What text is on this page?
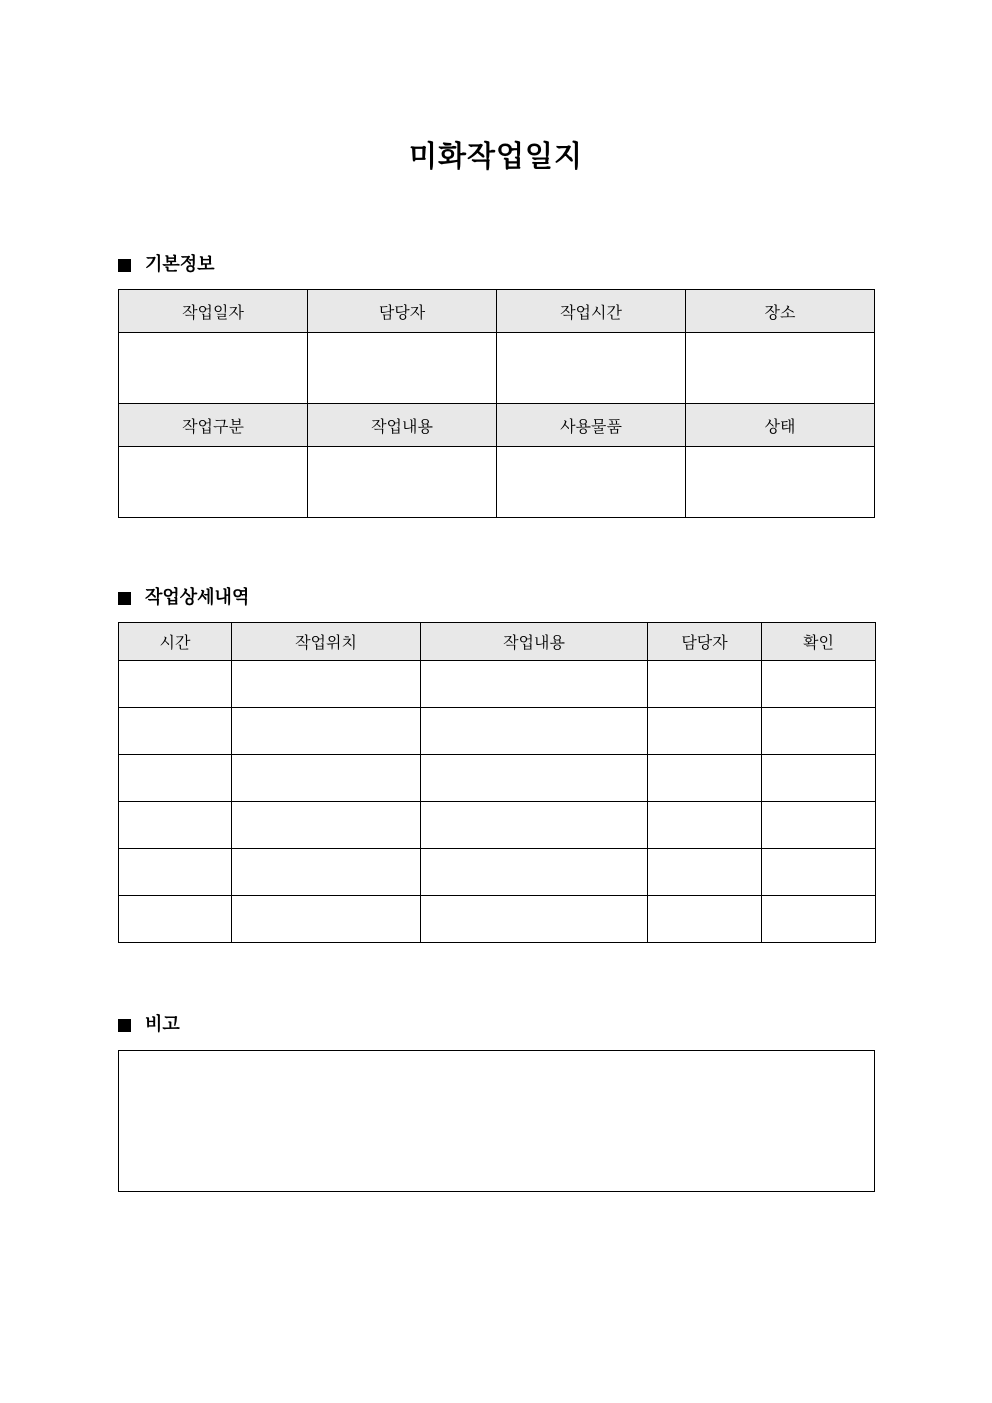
미화작업일지
기본정보
작업일자	담당자	작업시간	장소

작업구분	작업내용	사용물품	상태

작업상세내역
시간	작업위치	작업내용	담당자	확인

비고
